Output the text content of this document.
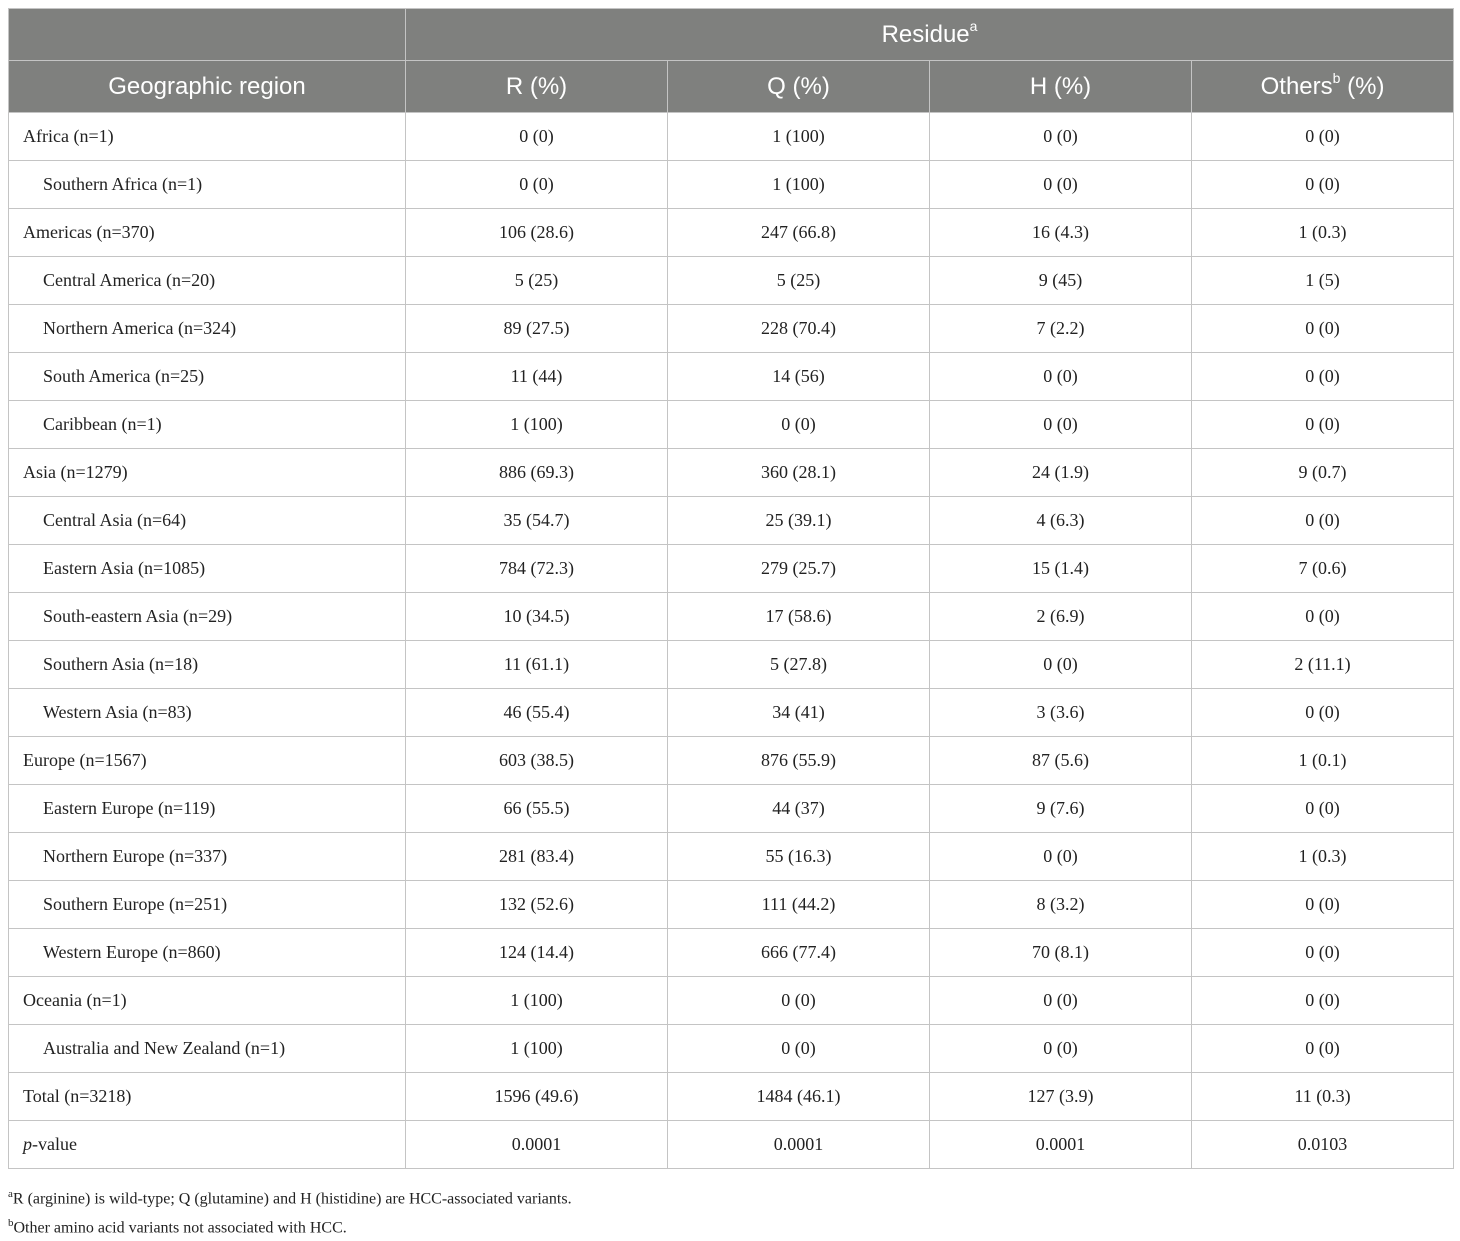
	Residue$^a$
Geographic region	R (%)	Q (%)	H (%)	Others$^b$ (%)
Africa (n=1)	0 (0)	1 (100)	0 (0)	0 (0)
Southern Africa (n=1)	0 (0)	1 (100)	0 (0)	0 (0)
Americas (n=370)	106 (28.6)	247 (66.8)	16 (4.3)	1 (0.3)
Central America (n=20)	5 (25)	5 (25)	9 (45)	1 (5)
Northern America (n=324)	89 (27.5)	228 (70.4)	7 (2.2)	0 (0)
South America (n=25)	11 (44)	14 (56)	0 (0)	0 (0)
Caribbean (n=1)	1 (100)	0 (0)	0 (0)	0 (0)
Asia (n=1279)	886 (69.3)	360 (28.1)	24 (1.9)	9 (0.7)
Central Asia (n=64)	35 (54.7)	25 (39.1)	4 (6.3)	0 (0)
Eastern Asia (n=1085)	784 (72.3)	279 (25.7)	15 (1.4)	7 (0.6)
South-eastern Asia (n=29)	10 (34.5)	17 (58.6)	2 (6.9)	0 (0)
Southern Asia (n=18)	11 (61.1)	5 (27.8)	0 (0)	2 (11.1)
Western Asia (n=83)	46 (55.4)	34 (41)	3 (3.6)	0 (0)
Europe (n=1567)	603 (38.5)	876 (55.9)	87 (5.6)	1 (0.1)
Eastern Europe (n=119)	66 (55.5)	44 (37)	9 (7.6)	0 (0)
Northern Europe (n=337)	281 (83.4)	55 (16.3)	0 (0)	1 (0.3)
Southern Europe (n=251)	132 (52.6)	111 (44.2)	8 (3.2)	0 (0)
Western Europe (n=860)	124 (14.4)	666 (77.4)	70 (8.1)	0 (0)
Oceania (n=1)	1 (100)	0 (0)	0 (0)	0 (0)
Australia and New Zealand (n=1)	1 (100)	0 (0)	0 (0)	0 (0)
Total (n=3218)	1596 (49.6)	1484 (46.1)	127 (3.9)	11 (0.3)
p-value	0.0001	0.0001	0.0001	0.0103
$^a$R (arginine) is wild-type; Q (glutamine) and H (histidine) are HCC-associated variants.
$^b$Other amino acid variants not associated with HCC.
